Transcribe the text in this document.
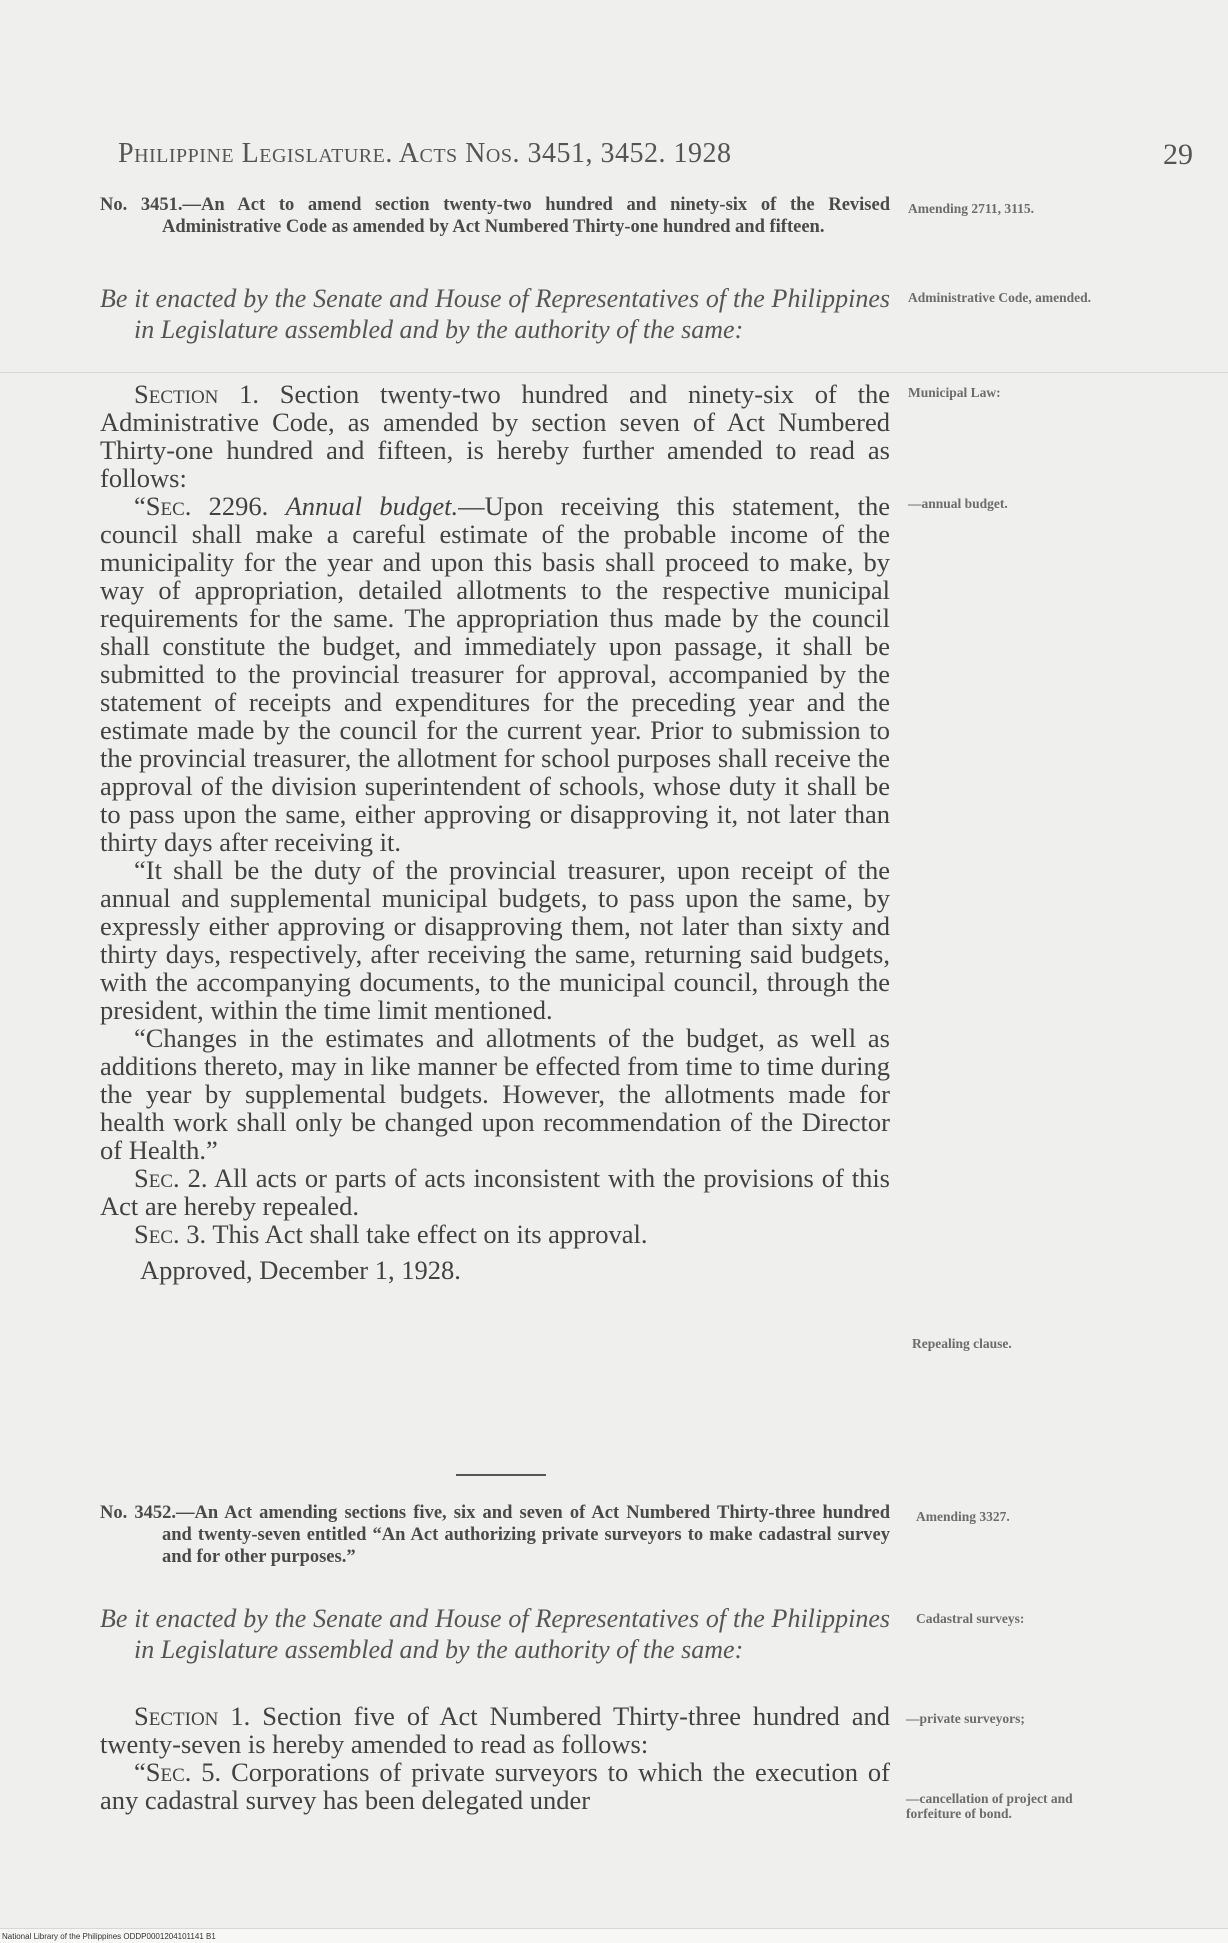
Philippine Legislature. Acts Nos. 3451, 3452. 1928	29
No. 3451.—An Act to amend section twenty-two hundred and ninety-six of the Revised Administrative Code as amended by Act Numbered Thirty-one hundred and fifteen.
Be it enacted by the Senate and House of Representatives of the Philippines in Legislature assembled and by the authority of the same:

Section 1. Section twenty-two hundred and ninety-six of the Administrative Code, as amended by section seven of Act Numbered Thirty-one hundred and fifteen, is hereby further amended to read as follows:

“Sec. 2296. Annual budget.—Upon receiving this statement, the council shall make a careful estimate of the probable income of the municipality for the year and upon this basis shall proceed to make, by way of appropriation, detailed allotments to the respective municipal requirements for the same. The appropriation thus made by the council shall constitute the budget, and immediately upon passage, it shall be submitted to the provincial treasurer for approval, accompanied by the statement of receipts and expenditures for the preceding year and the estimate made by the council for the current year. Prior to submission to the provincial treasurer, the allotment for school purposes shall receive the approval of the division superintendent of schools, whose duty it shall be to pass upon the same, either approving or disapproving it, not later than thirty days after receiving it.

“It shall be the duty of the provincial treasurer, upon receipt of the annual and supplemental municipal budgets, to pass upon the same, by expressly either approving or disapproving them, not later than sixty and thirty days, respectively, after receiving the same, returning said budgets, with the accompanying documents, to the municipal council, through the president, within the time limit mentioned.

“Changes in the estimates and allotments of the budget, as well as additions thereto, may in like manner be effected from time to time during the year by supplemental budgets. However, the allotments made for health work shall only be changed upon recommendation of the Director of Health.”

Sec. 2. All acts or parts of acts inconsistent with the provisions of this Act are hereby repealed.

Sec. 3. This Act shall take effect on its approval.

Approved, December 1, 1928.

No. 3452.—An Act amending sections five, six and seven of Act Numbered Thirty-three hundred and twenty-seven entitled “An Act authorizing private surveyors to make cadastral survey and for other purposes.”
Be it enacted by the Senate and House of Representatives of the Philippines in Legislature assembled and by the authority of the same:

Section 1. Section five of Act Numbered Thirty-three hundred and twenty-seven is hereby amended to read as follows:

“Sec. 5. Corporations of private surveyors to which the execution of any cadastral survey has been delegated under

Amending 2711, 3115.
Administrative Code, amended.
Municipal Law:
—annual budget.
Repealing clause.
Amending 3327.
Cadastral surveys:
—private surveyors;
—cancellation of project and forfeiture of bond.
National Library of the Philippines ODDP0001204101141 B1
